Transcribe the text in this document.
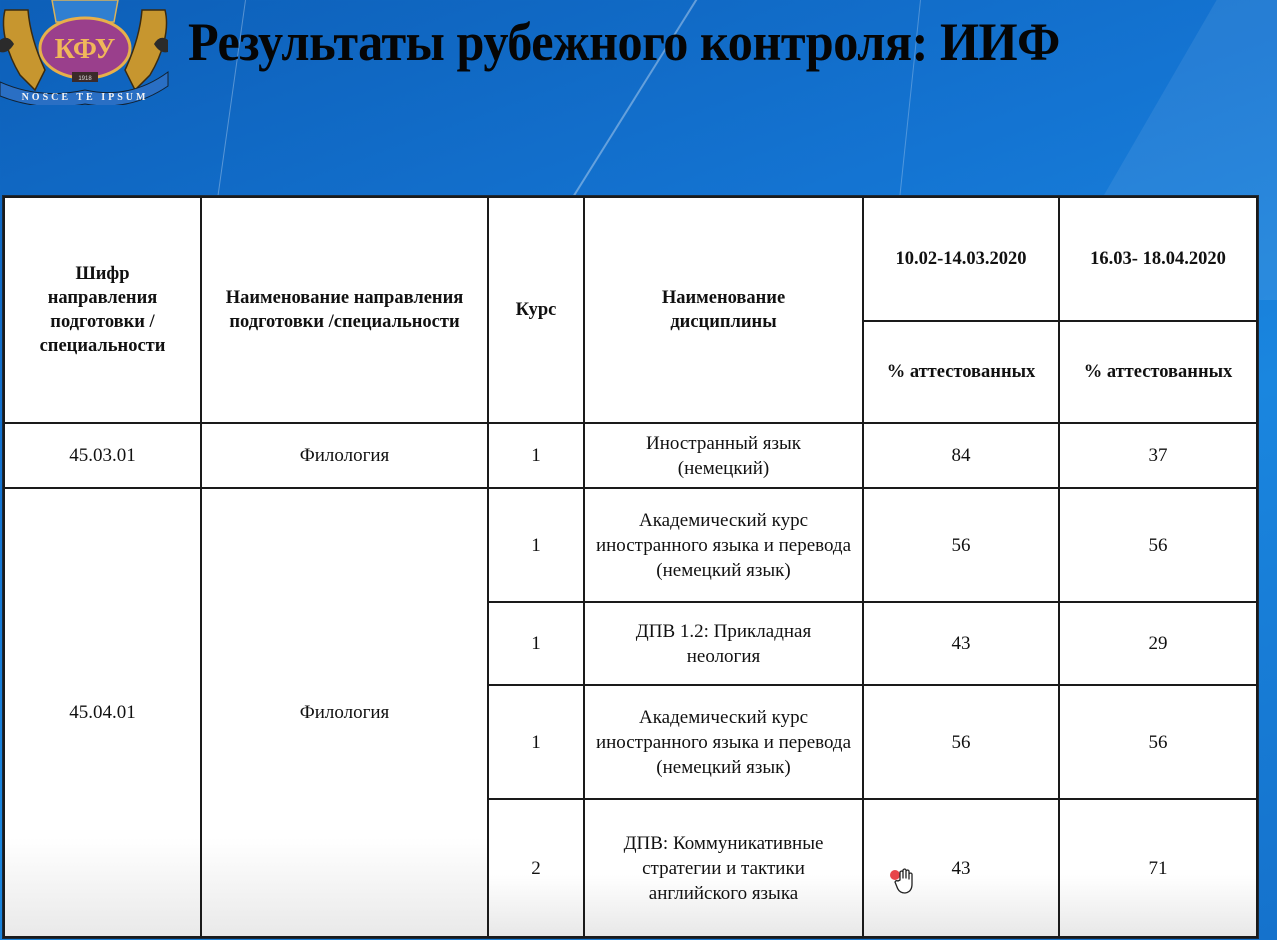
КФУ
1918
NOSCE TE IPSUM
Результаты рубежного контроля: ИИФ
Шифр направления подготовки /специальности	Наименование направления подготовки /специальности	Курс	Наименование дисциплины	10.02-14.03.2020	16.03- 18.04.2020
				% аттестованных	% аттестованных
45.03.01	Филология	1	Иностранный язык (немецкий)	84	37
45.04.01	Филология	1	Академический курс иностранного языка и перевода (немецкий язык)	56	56
		1	ДПВ 1.2: Прикладная неология	43	29
		1	Академический курс иностранного языка и перевода (немецкий язык)	56	56
		2	ДПВ: Коммуникативные стратегии и тактики английского языка	43	71
